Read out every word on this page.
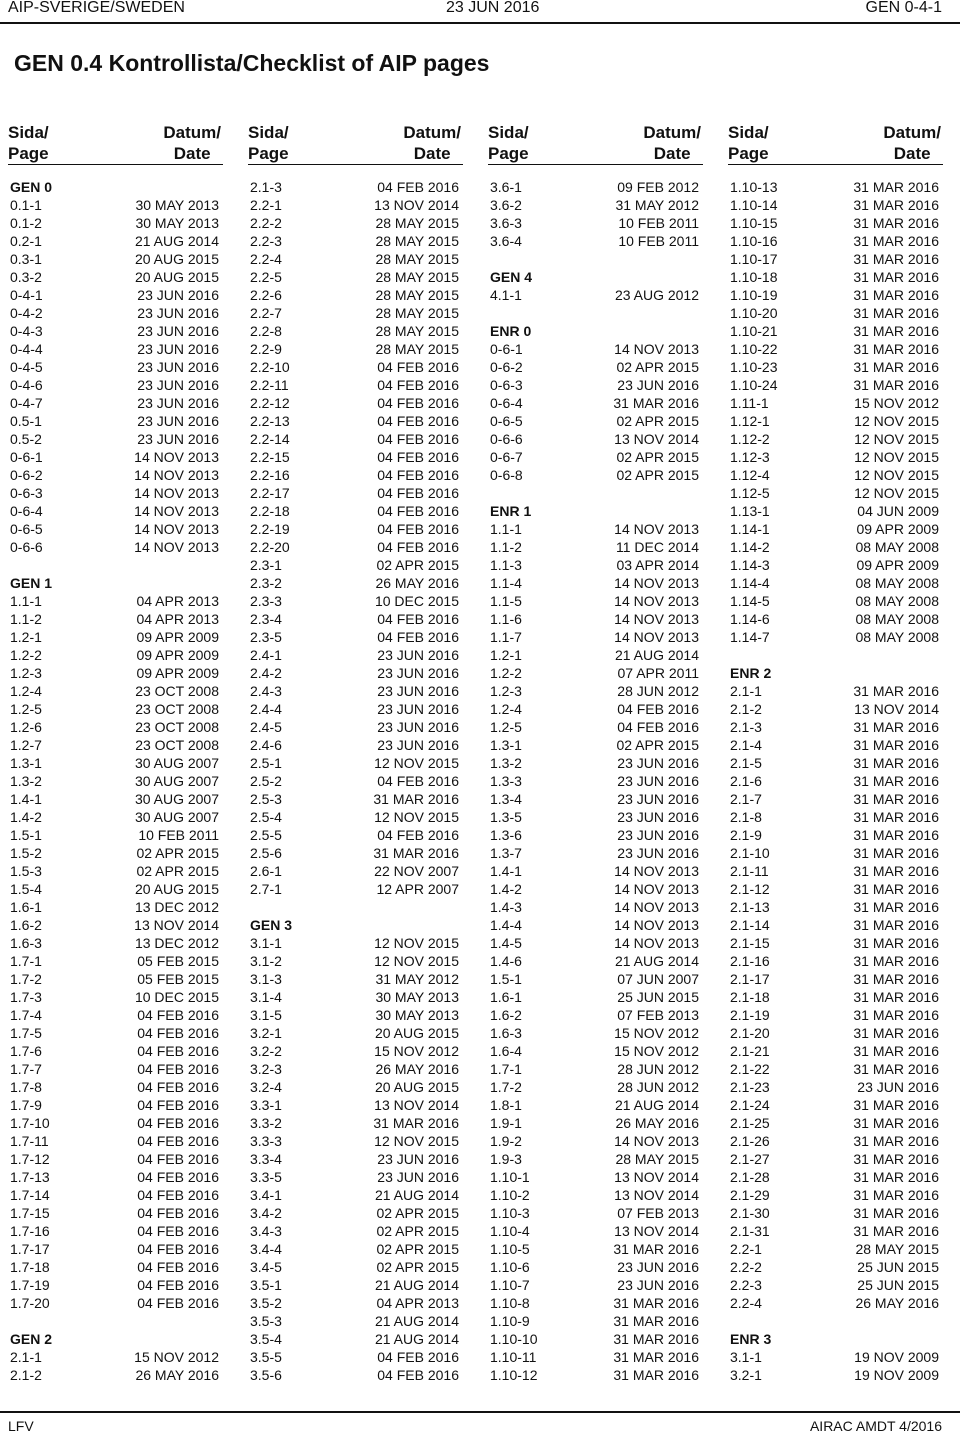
AIP-SVERIGE/SWEDEN	23 JUN 2016	GEN 0-4-1
GEN 0.4 Kontrollista/Checklist of AIP pages
Sida/
Page
Datum/
Date
GEN 0
0.1-1	30 MAY 2013
0.1-2	30 MAY 2013
0.2-1	21 AUG 2014
0.3-1	20 AUG 2015
0.3-2	20 AUG 2015
0-4-1	23 JUN 2016
0-4-2	23 JUN 2016
0-4-3	23 JUN 2016
0-4-4	23 JUN 2016
0-4-5	23 JUN 2016
0-4-6	23 JUN 2016
0-4-7	23 JUN 2016
0.5-1	23 JUN 2016
0.5-2	23 JUN 2016
0-6-1	14 NOV 2013
0-6-2	14 NOV 2013
0-6-3	14 NOV 2013
0-6-4	14 NOV 2013
0-6-5	14 NOV 2013
0-6-6	14 NOV 2013
GEN 1
1.1-1	04 APR 2013
1.1-2	04 APR 2013
1.2-1	09 APR 2009
1.2-2	09 APR 2009
1.2-3	09 APR 2009
1.2-4	23 OCT 2008
1.2-5	23 OCT 2008
1.2-6	23 OCT 2008
1.2-7	23 OCT 2008
1.3-1	30 AUG 2007
1.3-2	30 AUG 2007
1.4-1	30 AUG 2007
1.4-2	30 AUG 2007
1.5-1	10 FEB 2011
1.5-2	02 APR 2015
1.5-3	02 APR 2015
1.5-4	20 AUG 2015
1.6-1	13 DEC 2012
1.6-2	13 NOV 2014
1.6-3	13 DEC 2012
1.7-1	05 FEB 2015
1.7-2	05 FEB 2015
1.7-3	10 DEC 2015
1.7-4	04 FEB 2016
1.7-5	04 FEB 2016
1.7-6	04 FEB 2016
1.7-7	04 FEB 2016
1.7-8	04 FEB 2016
1.7-9	04 FEB 2016
1.7-10	04 FEB 2016
1.7-11	04 FEB 2016
1.7-12	04 FEB 2016
1.7-13	04 FEB 2016
1.7-14	04 FEB 2016
1.7-15	04 FEB 2016
1.7-16	04 FEB 2016
1.7-17	04 FEB 2016
1.7-18	04 FEB 2016
1.7-19	04 FEB 2016
1.7-20	04 FEB 2016
GEN 2
2.1-1	15 NOV 2012
2.1-2	26 MAY 2016
Sida/
Page
Datum/
Date
2.1-3	04 FEB 2016
2.2-1	13 NOV 2014
2.2-2	28 MAY 2015
2.2-3	28 MAY 2015
2.2-4	28 MAY 2015
2.2-5	28 MAY 2015
2.2-6	28 MAY 2015
2.2-7	28 MAY 2015
2.2-8	28 MAY 2015
2.2-9	28 MAY 2015
2.2-10	04 FEB 2016
2.2-11	04 FEB 2016
2.2-12	04 FEB 2016
2.2-13	04 FEB 2016
2.2-14	04 FEB 2016
2.2-15	04 FEB 2016
2.2-16	04 FEB 2016
2.2-17	04 FEB 2016
2.2-18	04 FEB 2016
2.2-19	04 FEB 2016
2.2-20	04 FEB 2016
2.3-1	02 APR 2015
2.3-2	26 MAY 2016
2.3-3	10 DEC 2015
2.3-4	04 FEB 2016
2.3-5	04 FEB 2016
2.4-1	23 JUN 2016
2.4-2	23 JUN 2016
2.4-3	23 JUN 2016
2.4-4	23 JUN 2016
2.4-5	23 JUN 2016
2.4-6	23 JUN 2016
2.5-1	12 NOV 2015
2.5-2	04 FEB 2016
2.5-3	31 MAR 2016
2.5-4	12 NOV 2015
2.5-5	04 FEB 2016
2.5-6	31 MAR 2016
2.6-1	22 NOV 2007
2.7-1	12 APR 2007
GEN 3
3.1-1	12 NOV 2015
3.1-2	12 NOV 2015
3.1-3	31 MAY 2012
3.1-4	30 MAY 2013
3.1-5	30 MAY 2013
3.2-1	20 AUG 2015
3.2-2	15 NOV 2012
3.2-3	26 MAY 2016
3.2-4	20 AUG 2015
3.3-1	13 NOV 2014
3.3-2	31 MAR 2016
3.3-3	12 NOV 2015
3.3-4	23 JUN 2016
3.3-5	23 JUN 2016
3.4-1	21 AUG 2014
3.4-2	02 APR 2015
3.4-3	02 APR 2015
3.4-4	02 APR 2015
3.4-5	02 APR 2015
3.5-1	21 AUG 2014
3.5-2	04 APR 2013
3.5-3	21 AUG 2014
3.5-4	21 AUG 2014
3.5-5	04 FEB 2016
3.5-6	04 FEB 2016
Sida/
Page
Datum/
Date
3.6-1	09 FEB 2012
3.6-2	31 MAY 2012
3.6-3	10 FEB 2011
3.6-4	10 FEB 2011
GEN 4
4.1-1	23 AUG 2012
ENR 0
0-6-1	14 NOV 2013
0-6-2	02 APR 2015
0-6-3	23 JUN 2016
0-6-4	31 MAR 2016
0-6-5	02 APR 2015
0-6-6	13 NOV 2014
0-6-7	02 APR 2015
0-6-8	02 APR 2015
ENR 1
1.1-1	14 NOV 2013
1.1-2	11 DEC 2014
1.1-3	03 APR 2014
1.1-4	14 NOV 2013
1.1-5	14 NOV 2013
1.1-6	14 NOV 2013
1.1-7	14 NOV 2013
1.2-1	21 AUG 2014
1.2-2	07 APR 2011
1.2-3	28 JUN 2012
1.2-4	04 FEB 2016
1.2-5	04 FEB 2016
1.3-1	02 APR 2015
1.3-2	23 JUN 2016
1.3-3	23 JUN 2016
1.3-4	23 JUN 2016
1.3-5	23 JUN 2016
1.3-6	23 JUN 2016
1.3-7	23 JUN 2016
1.4-1	14 NOV 2013
1.4-2	14 NOV 2013
1.4-3	14 NOV 2013
1.4-4	14 NOV 2013
1.4-5	14 NOV 2013
1.4-6	21 AUG 2014
1.5-1	07 JUN 2007
1.6-1	25 JUN 2015
1.6-2	07 FEB 2013
1.6-3	15 NOV 2012
1.6-4	15 NOV 2012
1.7-1	28 JUN 2012
1.7-2	28 JUN 2012
1.8-1	21 AUG 2014
1.9-1	26 MAY 2016
1.9-2	14 NOV 2013
1.9-3	28 MAY 2015
1.10-1	13 NOV 2014
1.10-2	13 NOV 2014
1.10-3	07 FEB 2013
1.10-4	13 NOV 2014
1.10-5	31 MAR 2016
1.10-6	23 JUN 2016
1.10-7	23 JUN 2016
1.10-8	31 MAR 2016
1.10-9	31 MAR 2016
1.10-10	31 MAR 2016
1.10-11	31 MAR 2016
1.10-12	31 MAR 2016
Sida/
Page
Datum/
Date
1.10-13	31 MAR 2016
1.10-14	31 MAR 2016
1.10-15	31 MAR 2016
1.10-16	31 MAR 2016
1.10-17	31 MAR 2016
1.10-18	31 MAR 2016
1.10-19	31 MAR 2016
1.10-20	31 MAR 2016
1.10-21	31 MAR 2016
1.10-22	31 MAR 2016
1.10-23	31 MAR 2016
1.10-24	31 MAR 2016
1.11-1	15 NOV 2012
1.12-1	12 NOV 2015
1.12-2	12 NOV 2015
1.12-3	12 NOV 2015
1.12-4	12 NOV 2015
1.12-5	12 NOV 2015
1.13-1	04 JUN 2009
1.14-1	09 APR 2009
1.14-2	08 MAY 2008
1.14-3	09 APR 2009
1.14-4	08 MAY 2008
1.14-5	08 MAY 2008
1.14-6	08 MAY 2008
1.14-7	08 MAY 2008
ENR 2
2.1-1	31 MAR 2016
2.1-2	13 NOV 2014
2.1-3	31 MAR 2016
2.1-4	31 MAR 2016
2.1-5	31 MAR 2016
2.1-6	31 MAR 2016
2.1-7	31 MAR 2016
2.1-8	31 MAR 2016
2.1-9	31 MAR 2016
2.1-10	31 MAR 2016
2.1-11	31 MAR 2016
2.1-12	31 MAR 2016
2.1-13	31 MAR 2016
2.1-14	31 MAR 2016
2.1-15	31 MAR 2016
2.1-16	31 MAR 2016
2.1-17	31 MAR 2016
2.1-18	31 MAR 2016
2.1-19	31 MAR 2016
2.1-20	31 MAR 2016
2.1-21	31 MAR 2016
2.1-22	31 MAR 2016
2.1-23	23 JUN 2016
2.1-24	31 MAR 2016
2.1-25	31 MAR 2016
2.1-26	31 MAR 2016
2.1-27	31 MAR 2016
2.1-28	31 MAR 2016
2.1-29	31 MAR 2016
2.1-30	31 MAR 2016
2.1-31	31 MAR 2016
2.2-1	28 MAY 2015
2.2-2	25 JUN 2015
2.2-3	25 JUN 2015
2.2-4	26 MAY 2016
ENR 3
3.1-1	19 NOV 2009
3.2-1	19 NOV 2009
LFV	AIRAC AMDT 4/2016
